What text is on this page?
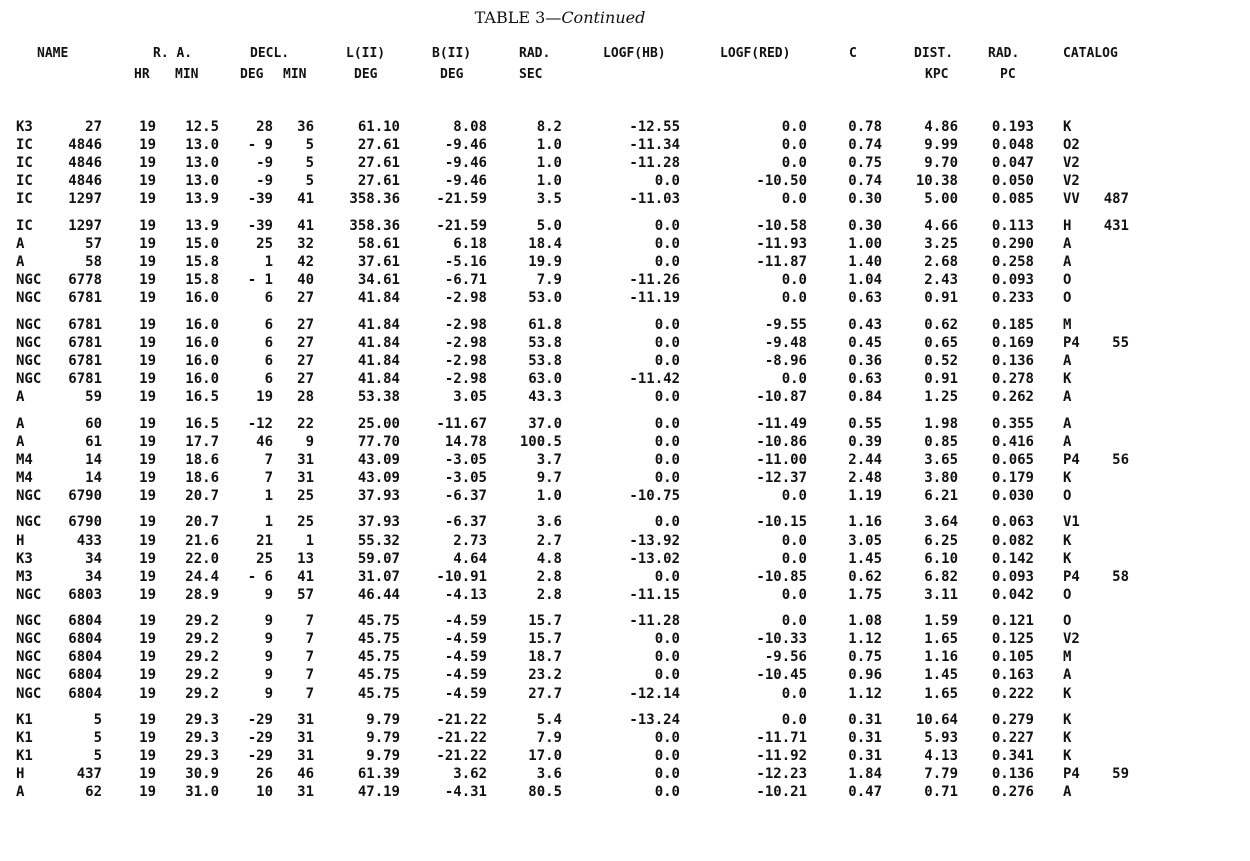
TABLE 3—Continued
NAME	R. A.	DECL.	L(II)	B(II)	RAD.	LOGF(HB)	LOGF(RED)	C	DIST.	RAD.	CATALOG
HR MIN	DEG MIN	DEG	DEG	SEC	KPC	PC
K3	27	19 12.5	28 36	61.10	8.08	8.2	-12.55	0.0	0.78	4.86 0.193 K
IC	4846	19 13.0 - 9 5	27.61	-9.46	1.0	-11.34	0.0	0.74	9.99 0.048 O2
IC	4846	19 13.0	-9 5	27.61	-9.46	1.0	-11.28	0.0	0.75	9.70 0.047 V2
IC	4846	19 13.0	-9 5	27.61	-9.46	1.0	0.0	-10.50	0.74 10.38 0.050 V2
IC	1297	19 13.9 -39 41	358.36	-21.59	3.5	-11.03	0.0	0.30	5.00 0.085 VV 487
IC	1297	19 13.9 -39 41	358.36	-21.59	5.0	0.0	-10.58	0.30	4.66 0.113 H 431
A	57	19 15.0	25 32	58.61	6.18	18.4	0.0	-11.93	1.00	3.25 0.290 A
A	58	19 15.8	1 42	37.61	-5.16	19.9	0.0	-11.87	1.40	2.68 0.258 A
NGC 6778	19 15.8 - 1 40	34.61	-6.71	7.9	-11.26	0.0	1.04	2.43 0.093 O
NGC 6781	19 16.0	6 27	41.84	-2.98	53.0	-11.19	0.0	0.63	0.91 0.233 O
NGC 6781	19 16.0	6 27	41.84	-2.98	61.8	0.0	-9.55	0.43	0.62 0.185 M
NGC 6781	19 16.0	6 27	41.84	-2.98	53.8	0.0	-9.48	0.45	0.65 0.169 P4 55
NGC 6781	19 16.0	6 27	41.84	-2.98	53.8	0.0	-8.96	0.36	0.52 0.136 A
NGC 6781	19 16.0	6 27	41.84	-2.98	63.0	-11.42	0.0	0.63	0.91 0.278 K
A	59	19 16.5	19 28	53.38	3.05	43.3	0.0	-10.87	0.84	1.25 0.262 A
A	60	19 16.5 -12 22	25.00	-11.67	37.0	0.0	-11.49	0.55	1.98 0.355 A
A	61	19 17.7	46 9	77.70	14.78 100.5	0.0	-10.86	0.39	0.85 0.416 A
M4	14	19 18.6	7 31	43.09	-3.05	3.7	0.0	-11.00	2.44	3.65 0.065 P4 56
M4	14	19 18.6	7 31	43.09	-3.05	9.7	0.0	-12.37	2.48	3.80 0.179 K
NGC 6790	19 20.7	1 25	37.93	-6.37	1.0	-10.75	0.0	1.19	6.21 0.030 O
NGC 6790	19 20.7	1 25	37.93	-6.37	3.6	0.0	-10.15	1.16	3.64 0.063 V1
H	433	19 21.6	21 1	55.32	2.73	2.7	-13.92	0.0	3.05	6.25 0.082 K
K3	34	19 22.0	25 13	59.07	4.64	4.8	-13.02	0.0	1.45	6.10 0.142 K
M3	34	19 24.4 - 6 41	31.07	-10.91	2.8	0.0	-10.85	0.62	6.82 0.093 P4 58
NGC 6803	19 28.9	9 57	46.44	-4.13	2.8	-11.15	0.0	1.75	3.11 0.042 O
NGC 6804	19 29.2	9 7	45.75	-4.59	15.7	-11.28	0.0	1.08	1.59 0.121 O
NGC 6804	19 29.2	9 7	45.75	-4.59	15.7	0.0	-10.33	1.12	1.65 0.125 V2
NGC 6804	19 29.2	9 7	45.75	-4.59	18.7	0.0	-9.56	0.75	1.16 0.105 M
NGC 6804	19 29.2	9 7	45.75	-4.59	23.2	0.0	-10.45	0.96	1.45 0.163 A
NGC 6804	19 29.2	9 7	45.75	-4.59	27.7	-12.14	0.0	1.12	1.65 0.222 K
K1	5	19 29.3 -29 31	9.79	-21.22	5.4	-13.24	0.0	0.31 10.64 0.279 K
K1	5	19 29.3 -29 31	9.79	-21.22	7.9	0.0	-11.71	0.31	5.93 0.227 K
K1	5	19 29.3 -29 31	9.79	-21.22	17.0	0.0	-11.92	0.31	4.13 0.341 K
H	437	19 30.9	26 46	61.39	3.62	3.6	0.0	-12.23	1.84	7.79 0.136 P4 59
A	62	19 31.0	10 31	47.19	-4.31	80.5	0.0	-10.21	0.47	0.71 0.276 A
